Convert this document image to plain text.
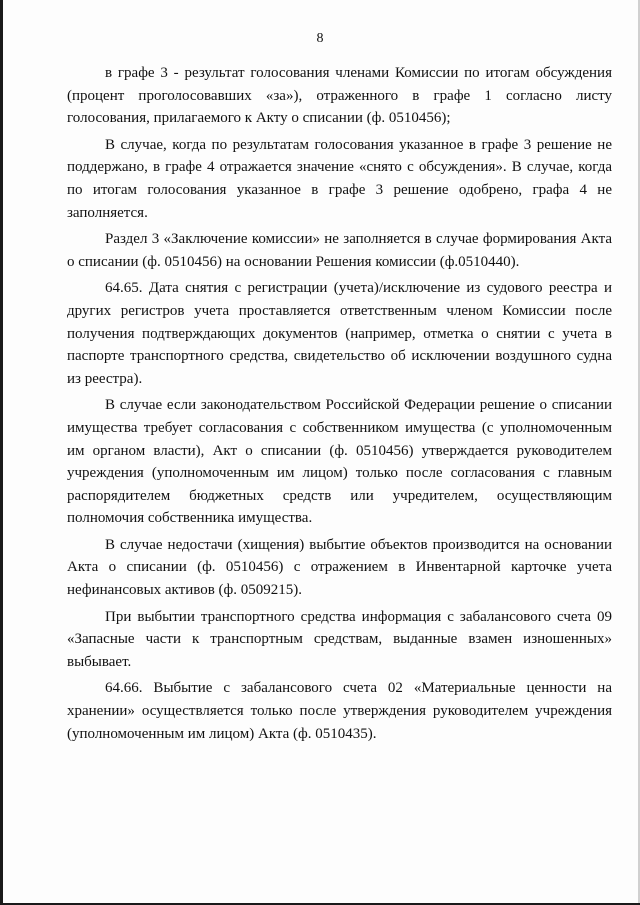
8

в графе 3 - результат голосования членами Комиссии по итогам обсуждения (процент проголосовавших «за»), отраженного в графе 1 согласно листу голосования, прилагаемого к Акту о списании (ф. 0510456);

В случае, когда по результатам голосования указанное в графе 3 решение не поддержано, в графе 4 отражается значение «снято с обсуждения». В случае, когда по итогам голосования указанное в графе 3 решение одобрено, графа 4 не заполняется.

Раздел 3 «Заключение комиссии» не заполняется в случае формирования Акта о списании (ф. 0510456) на основании Решения комиссии (ф.0510440).

64.65. Дата снятия с регистрации (учета)/исключение из судового реестра и других регистров учета проставляется ответственным членом Комиссии после получения подтверждающих документов (например, отметка о снятии с учета в паспорте транспортного средства, свидетельство об исключении воздушного судна из реестра).

В случае если законодательством Российской Федерации решение о списании имущества требует согласования с собственником имущества (с уполномоченным им органом власти), Акт о списании (ф. 0510456) утверждается руководителем учреждения (уполномоченным им лицом) только после согласования с главным распорядителем бюджетных средств или учредителем, осуществляющим полномочия собственника имущества.

В случае недостачи (хищения) выбытие объектов производится на основании Акта о списании (ф. 0510456) с отражением в Инвентарной карточке учета нефинансовых активов (ф. 0509215).

При выбытии транспортного средства информация с забалансового счета 09 «Запасные части к транспортным средствам, выданные взамен изношенных» выбывает.

64.66. Выбытие с забалансового счета 02 «Материальные ценности на хранении» осуществляется только после утверждения руководителем учреждения (уполномоченным им лицом) Акта (ф. 0510435).
